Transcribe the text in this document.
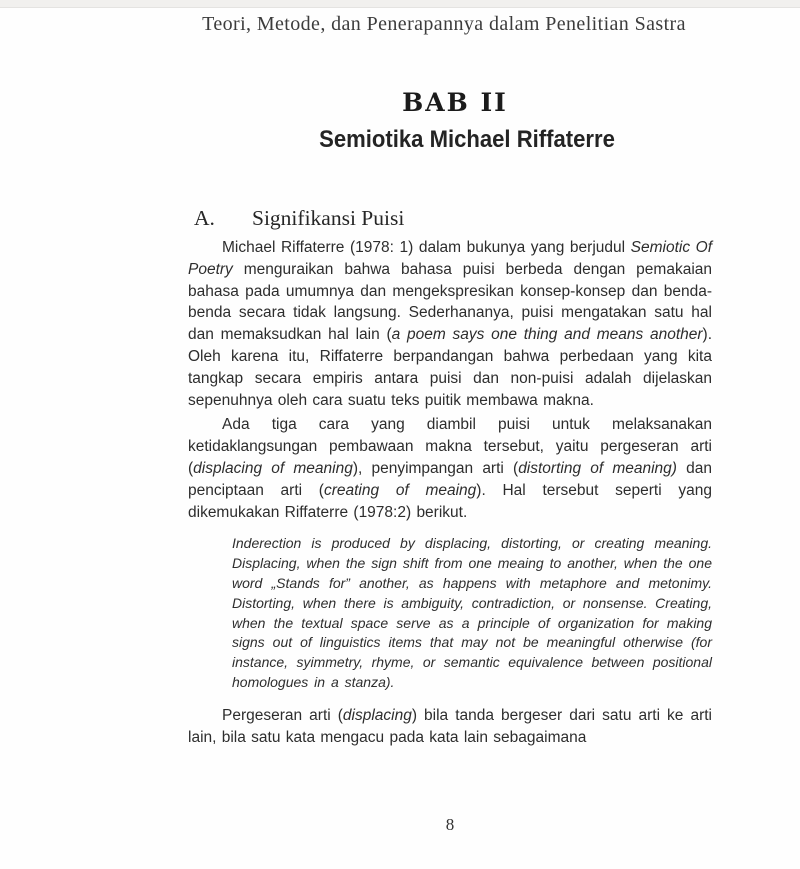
Teori, Metode, dan Penerapannya dalam Penelitian Sastra
BAB II
Semiotika Michael Riffaterre
A. Signifikansi Puisi

Michael Riffaterre (1978: 1) dalam bukunya yang berjudul Semiotic Of Poetry menguraikan bahwa bahasa puisi berbeda dengan pemakaian bahasa pada umumnya dan mengekspresikan konsep-konsep dan benda-benda secara tidak langsung. Sederhananya, puisi mengatakan satu hal dan memaksudkan hal lain (a poem says one thing and means another). Oleh karena itu, Riffaterre berpandangan bahwa perbedaan yang kita tangkap secara empiris antara puisi dan non-puisi adalah dijelaskan sepenuhnya oleh cara suatu teks puitik membawa makna.

Ada tiga cara yang diambil puisi untuk melaksanakan ketidaklangsungan pembawaan makna tersebut, yaitu pergeseran arti (displacing of meaning), penyimpangan arti (distorting of meaning) dan penciptaan arti (creating of meaing). Hal tersebut seperti yang dikemukakan Riffaterre (1978:2) berikut.

Inderection is produced by displacing, distorting, or creating meaning. Displacing, when the sign shift from one meaing to another, when the one word „Stands for” another, as happens with metaphore and metonimy. Distorting, when there is ambiguity, contradiction, or nonsense. Creating, when the textual space serve as a principle of organization for making signs out of linguistics items that may not be meaningful otherwise (for instance, syimmetry, rhyme, or semantic equivalence between positional homologues in a stanza).

Pergeseran arti (displacing) bila tanda bergeser dari satu arti ke arti lain, bila satu kata mengacu pada kata lain sebagaimana

8
